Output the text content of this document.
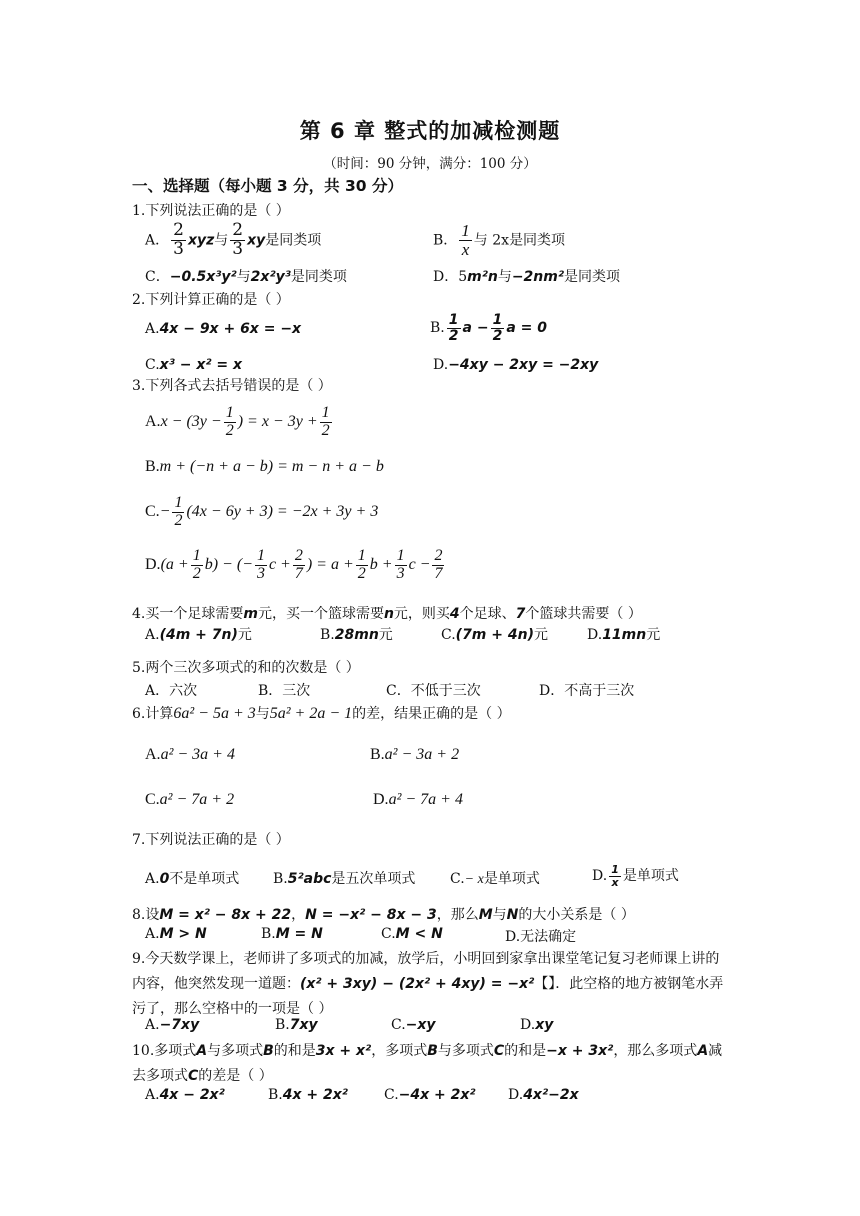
第 6 章 整式的加减检测题
（时间：90 分钟，满分：100 分）
一、选择题（每小题 3 分，共 30 分）
1.下列说法正确的是（ ）
A． $\frac{2}{3}$ xyz与 $\frac{2}{3}$ xy是同类项	B． $\frac{1}{x}$ 与 2x是同类项
C．−0.5x³y²与2x²y³是同类项	D．5m²n与−2nm²是同类项
2.下列计算正确的是（ ）
A.4x − 9x + 6x = −x	B. $\frac{1}{2}$ $a - \frac{1}{2}$ a = 0
C.x³ − x² = x	D.−4xy − 2xy = −2xy
3.下列各式去括号错误的是（ ）
$A.x - (3y - \frac{1}{2}$ ) = $x - 3y + \frac{1}{2}$
B.m + (−n + a − b) = m − n + a − b
$C.- \frac{1}{2} (4x - 6y + 3) = -2x + 3y + 3$
$D.(a + \frac{1}{2} b)$ − (− $\frac{1}{3}$ $c + \frac{2}{7}$ ) = $a + \frac{1}{2}$ $b + \frac{1}{3}$ $c - \frac{2}{7}$
4.买一个足球需要m元，买一个篮球需要n元，则买4个足球、7个篮球共需要（ ）
A.(4m + 7n)元	B.28mn元	C.(7m + 4n)元	D.11mn元
5.两个三次多项式的和的次数是（ ）
A．六次	B．三次	C．不低于三次	D．不高于三次
6.计算6a² − 5a + 3与5a² + 2a − 1的差，结果正确的是（ ）
A.a² − 3a + 4	B.a² − 3a + 2
C.a² − 7a + 2	D.a² − 7a + 4
7.下列说法正确的是（ ）
A.0不是单项式 B.5²abc是五次单项式 C.− x是单项式	D. $\frac{1}{x}$ 是单项式
8.设M = x² − 8x + 22，N = −x² − 8x − 3，那么M与N的大小关系是（ ）
A.M > N	B.M = N	C.M < N	D.无法确定
9.今天数学课上，老师讲了多项式的加减，放学后，小明回到家拿出课堂笔记复习老师课上讲的内容，他突然发现一道题：(x² + 3xy) − (2x² + 4xy) = −x²【】．此空格的地方被钢笔水弄污了，那么空格中的一项是（ ）
A.−7xy	B.7xy	C.−xy	D.xy
10.多项式A与多项式B的和是3x + x²，多项式B与多项式C的和是−x + 3x²，那么多项式A减去多项式C的差是（ ）
A.4x − 2x²	B.4x + 2x²	C.−4x + 2x² D.4x²−2x
